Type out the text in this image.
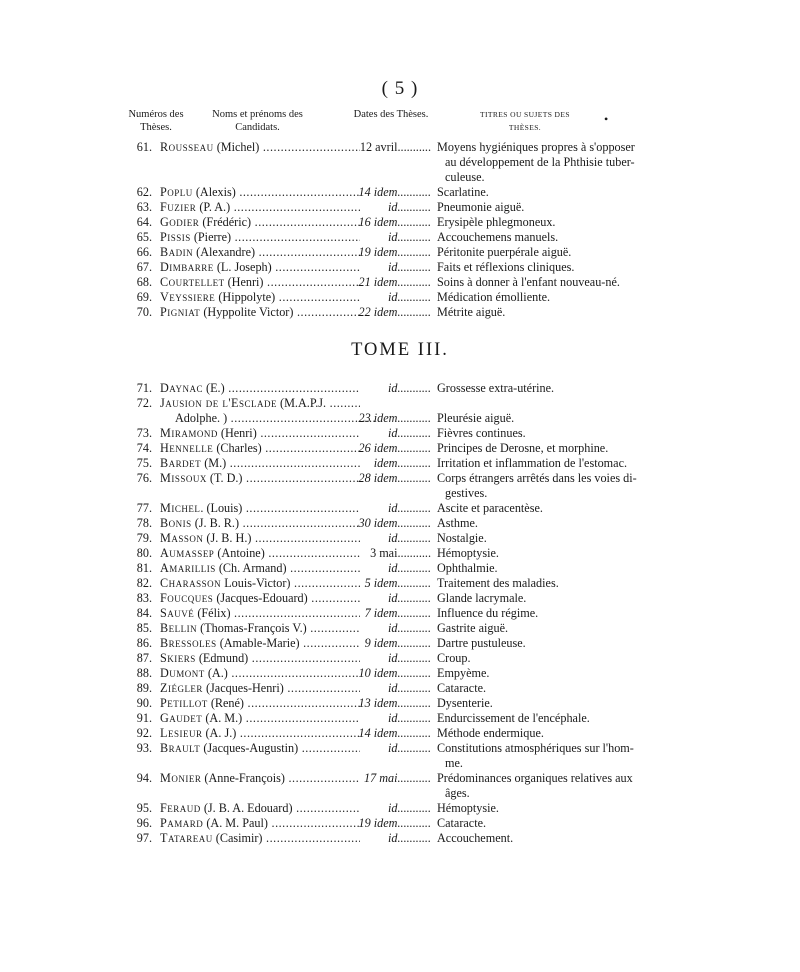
( 5 )
Numéros des Thèses.
Noms et prénoms des Candidats.
Dates des Thèses.	TITRES OU SUJETS DES THÈSES.
•
61. Rousseau (Michel) .....	12 avril .....	Moyens hygiéniques propres à s'opposer
au développement de la Phthisie tuber-
culeuse.
62. Poplu (Alexis) .....	14 idem .....	Scarlatine.
63. Fuzier (P. A.) .....	id .....	Pneumonie aiguë.
64. Godier (Frédéric) .....	16 idem .....	Erysipèle phlegmoneux.
65. Pissis (Pierre) .....	id .....	Accouchemens manuels.
66. Badin (Alexandre) .....	19 idem .....	Péritonite puerpérale aiguë.
67. Dimbarre (L. Joseph) .....	id .....	Faits et réflexions cliniques.
68. Courtellet (Henri) .....	21 idem .....	Soins à donner à l'enfant nouveau-né.
69. Veyssiere (Hippolyte) .....	id .....	Médication émolliente.
70. Pigniat (Hyppolite Victor) .....	22 idem .....	Métrite aiguë.
TOME III.
71. Daynac (E.) .....	id .....	Grossesse extra-utérine.
72. Jausion de l'Esclade (M.A.P.J. .....
Adolphe. ) .....	23 idem .....	Pleurésie aiguë.
73. Miramond (Henri) .....	id .....	Fièvres continues.
74. Hennelle (Charles) .....	26 idem .....	Principes de Derosne, et morphine.
75. Bardet (M.) .....	idem .....	Irritation et inflammation de l'estomac.
76. Missoux (T. D.) .....	28 idem .....	Corps étrangers arrêtés dans les voies di-
gestives.
77. Michel. (Louis) .....	id .....	Ascite et paracentèse.
78. Bonis (J. B. R.) .....	30 idem .....	Asthme.
79. Masson (J. B. H.) .....	id .....	Nostalgie.
80. Aumassep (Antoine) .....	3 mai .....	Hémoptysie.
81. Amarillis (Ch. Armand) .....	id .....	Ophthalmie.
82. Charasson Louis-Victor) .....	5 idem .....	Traitement des maladies.
83. Foucques (Jacques-Edouard) .....	id .....	Glande lacrymale.
84. Sauvé (Félix) .....	7 idem .....	Influence du régime.
85. Bellin (Thomas-François V.) .....	id .....	Gastrite aiguë.
86. Bressoles (Amable-Marie) .....	9 idem .....	Dartre pustuleuse.
87. Skiers (Edmund) .....	id .....	Croup.
88. Dumont (A.) .....	10 idem .....	Empyème.
89. Ziégler (Jacques-Henri) .....	id .....	Cataracte.
90. Petillot (René) .....	13 idem .....	Dysenterie.
91. Gaudet (A. M.) .....	id .....	Endurcissement de l'encéphale.
92. Lesieur (A. J.) .....	14 idem .....	Méthode endermique.
93. Brault (Jacques-Augustin) .....	id .....	Constitutions atmosphériques sur l'hom-
me.
94. Monier (Anne-François) .....	17 mai .....	Prédominances organiques relatives aux
âges.
95. Feraud (J. B. A. Edouard) .....	id .....	Hémoptysie.
96. Pamard (A. M. Paul) .....	19 idem .....	Cataracte.
97. Tatareau (Casimir) .....	id .....	Accouchement.
